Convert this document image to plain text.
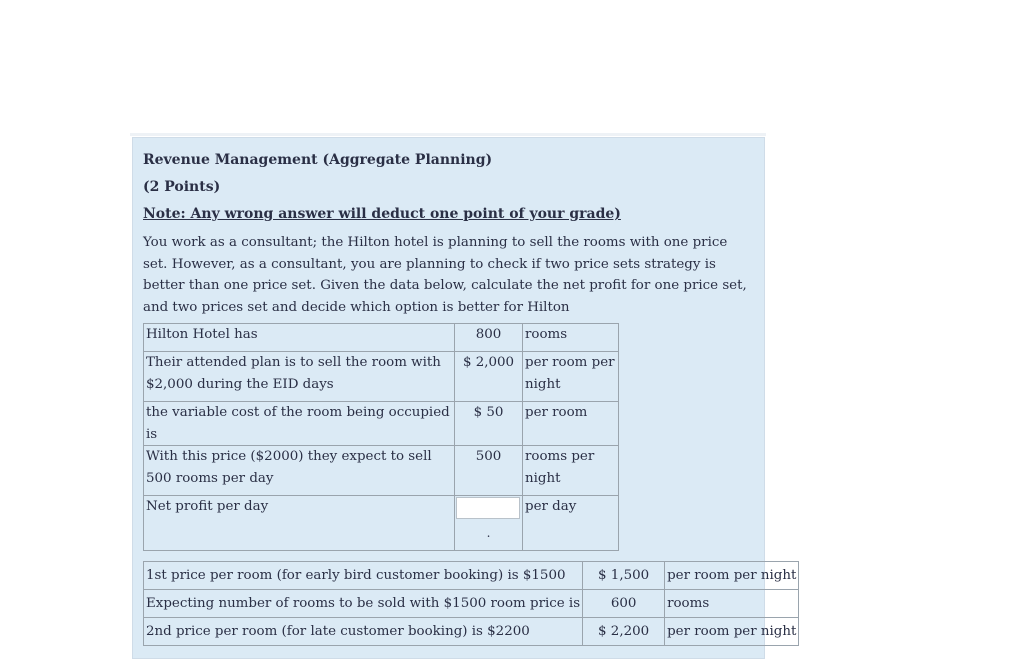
Revenue Management (Aggregate Planning)
(2 Points)
Note: Any wrong answer will deduct one point of your grade)
You work as a consultant; the Hilton hotel is planning to sell the rooms with one price set. However, as a consultant, you are planning to check if two price sets strategy is better than one price set. Given the data below, calculate the net profit for one price set, and two prices set and decide which option is better for Hilton
Hilton Hotel has	800	rooms
Their attended plan is to sell the room with $2,000 during the EID days	$ 2,000	per room per night
the variable cost of the room being occupied is	$ 50	per room
With this price ($2000) they expect to sell 500 rooms per day	500	rooms per night
Net profit per day	.	per day
1st price per room (for early bird customer booking) is $1500	$ 1,500	per room per night
Expecting number of rooms to be sold with $1500 room price is	600	rooms
2nd price per room (for late customer booking) is $2200	$ 2,200	per room per night
